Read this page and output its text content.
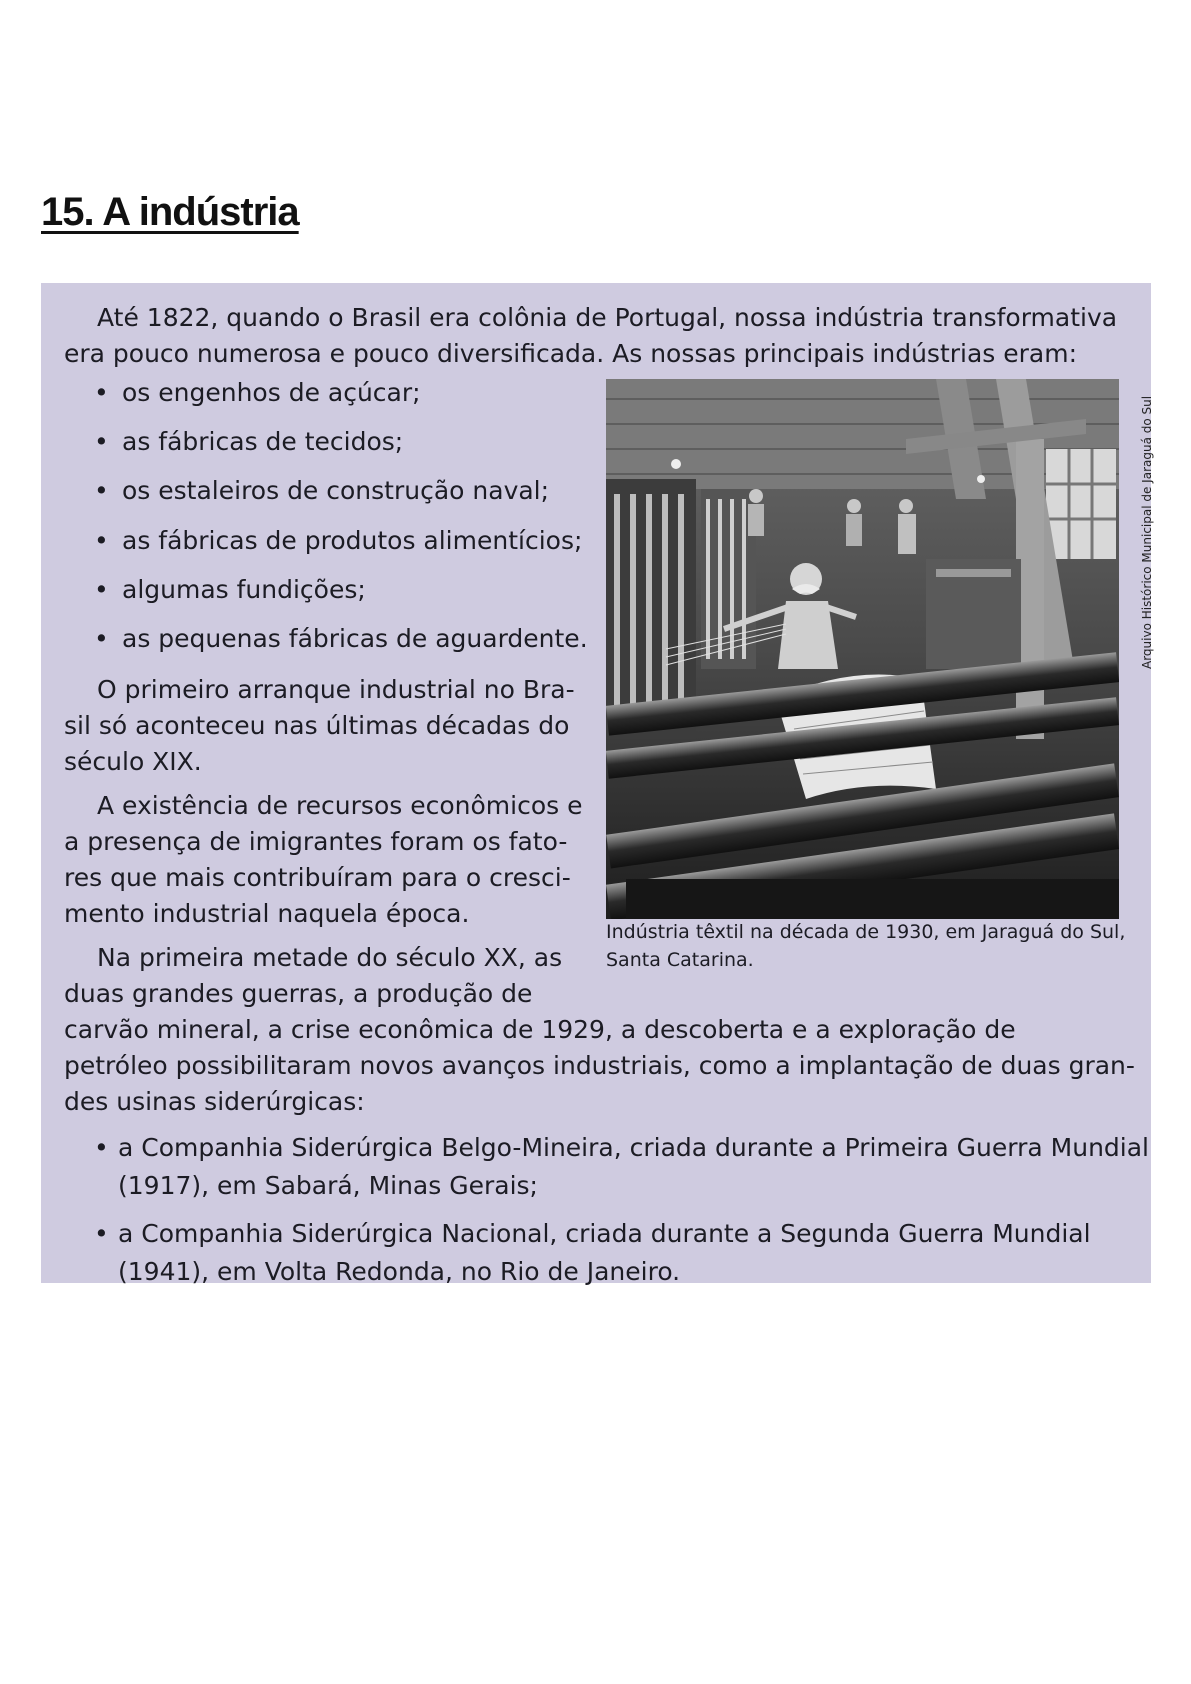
15. A indústria

Até 1822, quando o Brasil era colônia de Portugal, nossa indústria transformativa

era pouco numerosa e pouco diversificada. As nossas principais indústrias eram:

• os engenhos de açúcar;
• as fábricas de tecidos;
• os estaleiros de construção naval;
• as fábricas de produtos alimentícios;
• algumas fundições;
• as pequenas fábricas de aguardente.

O primeiro arranque industrial no Bra-

sil só aconteceu nas últimas décadas do

século XIX.

A existência de recursos econômicos e

a presença de imigrantes foram os fato-

res que mais contribuíram para o cresci-

mento industrial naquela época.

Na primeira metade do século XX, as

duas grandes guerras, a produção de

carvão mineral, a crise econômica de 1929, a descoberta e a exploração de

petróleo possibilitaram novos avanços industriais, como a implantação de duas gran-

des usinas siderúrgicas:

• a Companhia Siderúrgica Belgo-Mineira, criada durante a Primeira Guerra Mundial
(1917), em Sabará, Minas Gerais;
• a Companhia Siderúrgica Nacional, criada durante a Segunda Guerra Mundial
(1941), em Volta Redonda, no Rio de Janeiro.
Arquivo Histórico Municipal de Jaraguá do Sul
Indústria têxtil na década de 1930, em Jaraguá do Sul,
Santa Catarina.
